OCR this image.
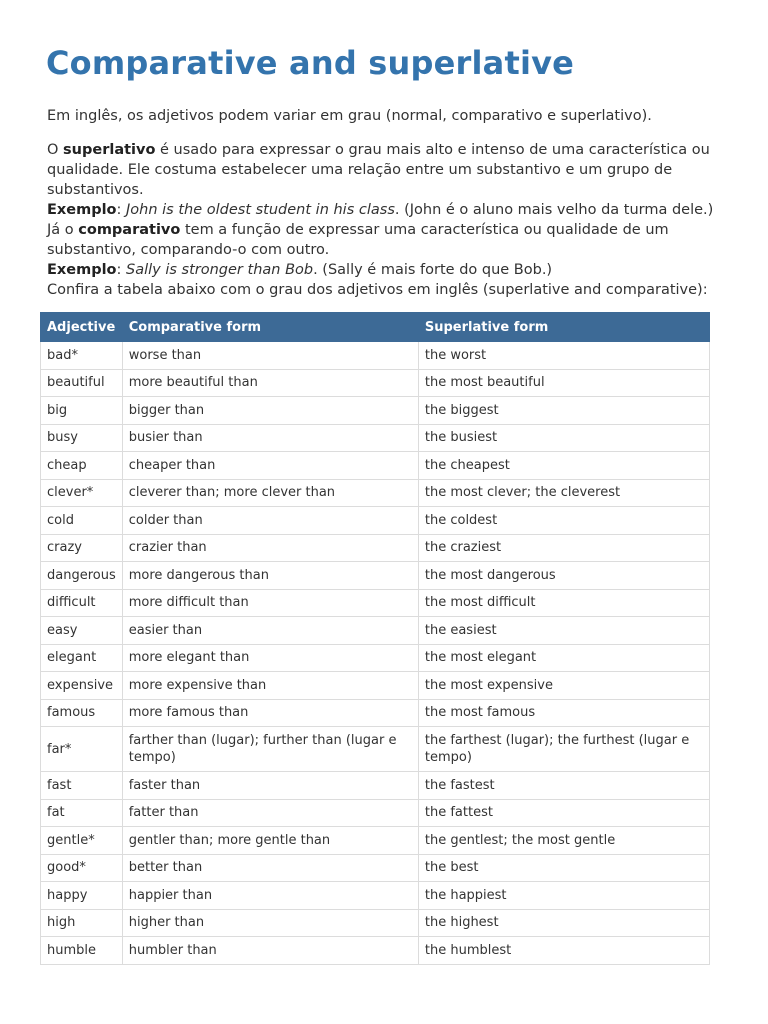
Comparative and superlative

Em inglês, os adjetivos podem variar em grau (normal, comparativo e superlativo).

O superlativo é usado para expressar o grau mais alto e intenso de uma característica ou qualidade. Ele costuma estabelecer uma relação entre um substantivo e um grupo de substantivos.

Exemplo: John is the oldest student in his class. (John é o aluno mais velho da turma dele.)

Já o comparativo tem a função de expressar uma característica ou qualidade de um substantivo, comparando-o com outro.

Exemplo: Sally is stronger than Bob. (Sally é mais forte do que Bob.)

Confira a tabela abaixo com o grau dos adjetivos em inglês (superlative and comparative):

Adjective	Comparative form	Superlative form
bad*	worse than	the worst
beautiful	more beautiful than	the most beautiful
big	bigger than	the biggest
busy	busier than	the busiest
cheap	cheaper than	the cheapest
clever*	cleverer than; more clever than	the most clever; the cleverest
cold	colder than	the coldest
crazy	crazier than	the craziest
dangerous	more dangerous than	the most dangerous
difficult	more difficult than	the most difficult
easy	easier than	the easiest
elegant	more elegant than	the most elegant
expensive	more expensive than	the most expensive
famous	more famous than	the most famous
far*	farther than (lugar); further than (lugar e tempo)	the farthest (lugar); the furthest (lugar e tempo)
fast	faster than	the fastest
fat	fatter than	the fattest
gentle*	gentler than; more gentle than	the gentlest; the most gentle
good*	better than	the best
happy	happier than	the happiest
high	higher than	the highest
humble	humbler than	the humblest
